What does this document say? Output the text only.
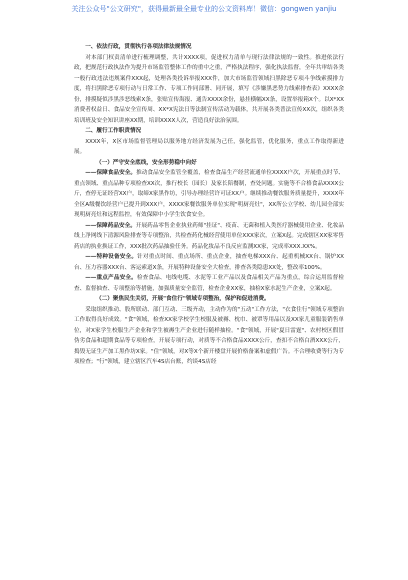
关注公众号"公文研究"，获得最新最全最专业的公文资料库！微信：gongwen yanjiu

一、依法行政，贯彻执行各项法律法规情况

对本部门权责清单进行梳理调整，共计XXXX项，促进权力清单与现行法律法规的一致性。推进依法行政，把规范行政执法作为提升市场监管整体工作的重中之重，严格执法程序，强化执法监督，全年共审结各类一般行政违法违规案件XXX起，处理各类投诉举报XXX件，加大市场监管领域扫黑除恶专项斗争线索摸排力度，将扫黑除恶专项行动与日常工作、专项工作同部署、同开展，填写《涉嫌黑恶势力线索排查表》XXXX余份，排摸疑似涉黑涉恶线索X条，张贴宣传海报、通告XXXX余份，悬挂横幅XX条，设置举报箱X个。以X*XX消费者权益日、食品安全宣传周、XX*X宪法日等法制宣传活动为载体，共开展各类普法宣传XX次，组织各类培训班及安全知识讲座XX期，培训XXXX人次，营造良好法治氛围。

二、履行工作职责情况

XXXX年，X区市场监督管理局以服务地方经济发展为己任，强化监管，优化服务，重点工作取得新进展。

（一）严守安全底线，安全形势稳中向好

——保障食品安全。推动食品安全监管全覆盖，检查食品生产经营流通单位XXXX户次，开展重点时节、重点领域、重点品种专项检查XX次，推行校长（园长）及家长陪餐制，查处问题。实施等不合格食品XXXX公斤，查停无证经营XX户，取缔X家黑作坊，引导办理经营许可证XX户。继续推动餐饮服务质量提升，XXXX年全区A级餐饮经营户已提升到XXX户，XXXX家餐饮服务单位实现"明厨亮灶"，XX所公立学校、幼儿园全部实现明厨亮灶和远程监控，有效保障中小学生饮食安全。

——保障药品安全。开展药品零售企业执业药师"挂证"、疫苗、无菌和植入类医疗器械使用企业、化妆品线上净网线下清源风险排查等专项整治，共检查药化械经营使用单位XXX家次，立案X起。完成辖区XX家零售药店的执业换证工作，XXX批次药品抽验任务。药品化妆品不良反应监测XX家，完成率XXX.XX%。

——特种设备安全。针对重点时间、重点场所、重点企业，抽查电梯XXX台、起重机械XX台、锅炉XX台、压力容器XXX台、客运索道X条，开展特种设备安全大检查，排查各类隐患XX处，整改率100%。

——重点产品安全。检查食品、电线电缆、水泥等工业产品以及食品相关产品为重点，综合运用监督检查、监督抽查、专项整治等措施，加强质量安全监管，检查企业XX家，抽检X家水泥生产企业，立案X起。

（二）聚焦民生关切，开展"食住行"领域专项整治，保护和促进消费。

采取组织推动、股所联动、部门互动、三级齐动，主动作为的"五动"工作方法，"衣食住行"领域专项整治工作取得良好成效。"食"领域，检查XX家学校学生校服及被褥、枕巾、被罩等用品以及XX家儿童服装销售单位，对X家学生校服生产企业和学生被褥生产企业进行随样抽检。"食"领域，开展"夏日雷霆"、农村校区假冒伪劣食品和超期食品等专项检查，开展专项行动，对质等不合格食品XXXX公斤，查扣不合格白酒XXX公斤，捣毁无证生产加工黑作坊X家。"住"领域，对X等X个新开楼盘开展价格备案和虚假广告。不合理收费等行为专项检查；"行"领域，建立辖区汽车4S店台账，约谈4S店经
